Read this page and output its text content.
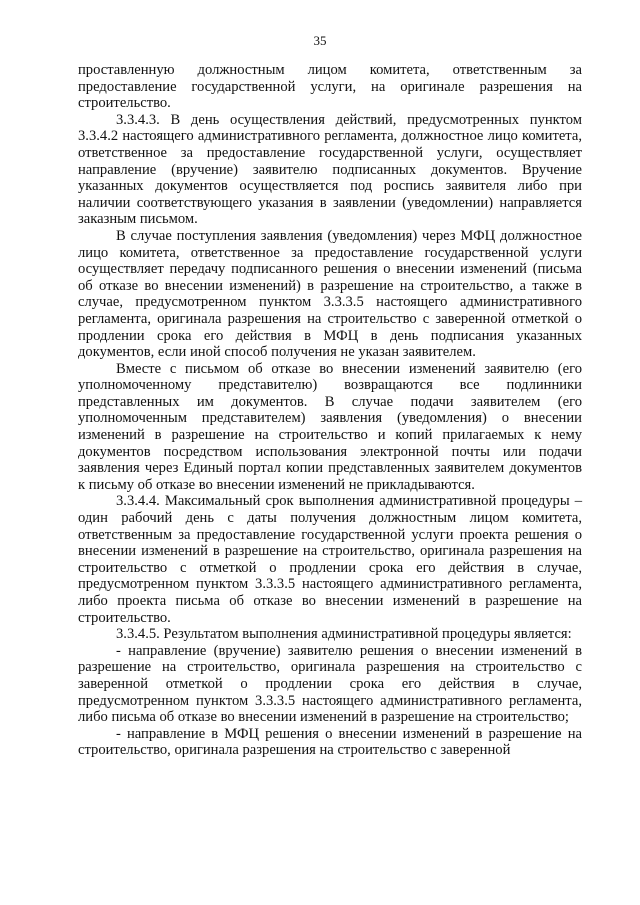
35

проставленную должностным лицом комитета, ответственным за предоставление государственной услуги, на оригинале разрешения на строительство.

3.3.4.3. В день осуществления действий, предусмотренных пунктом 3.3.4.2 настоящего административного регламента, должностное лицо комитета, ответственное за предоставление государственной услуги, осуществляет направление (вручение) заявителю подписанных документов. Вручение указанных документов осуществляется под роспись заявителя либо при наличии соответствующего указания в заявлении (уведомлении) направляется заказным письмом.

В случае поступления заявления (уведомления) через МФЦ должностное лицо комитета, ответственное за предоставление государственной услуги осуществляет передачу подписанного решения о внесении изменений (письма об отказе во внесении изменений) в разрешение на строительство, а также в случае, предусмотренном пунктом 3.3.3.5 настоящего административного регламента, оригинала разрешения на строительство с заверенной отметкой о продлении срока его действия в МФЦ в день подписания указанных документов, если иной способ получения не указан заявителем.

Вместе с письмом об отказе во внесении изменений заявителю (его уполномоченному представителю) возвращаются все подлинники представленных им документов. В случае подачи заявителем (его уполномоченным представителем) заявления (уведомления) о внесении изменений в разрешение на строительство и копий прилагаемых к нему документов посредством использования электронной почты или подачи заявления через Единый портал копии представленных заявителем документов к письму об отказе во внесении изменений не прикладываются.

3.3.4.4. Максимальный срок выполнения административной процедуры – один рабочий день с даты получения должностным лицом комитета, ответственным за предоставление государственной услуги проекта решения о внесении изменений в разрешение на строительство, оригинала разрешения на строительство с отметкой о продлении срока его действия в случае, предусмотренном пунктом 3.3.3.5 настоящего административного регламента, либо проекта письма об отказе во внесении изменений в разрешение на строительство.

3.3.4.5. Результатом выполнения административной процедуры является:

- направление (вручение) заявителю решения о внесении изменений в разрешение на строительство, оригинала разрешения на строительство с заверенной отметкой о продлении срока его действия в случае, предусмотренном пунктом 3.3.3.5 настоящего административного регламента, либо письма об отказе во внесении изменений в разрешение на строительство;

- направление в МФЦ решения о внесении изменений в разрешение на строительство, оригинала разрешения на строительство с заверенной
